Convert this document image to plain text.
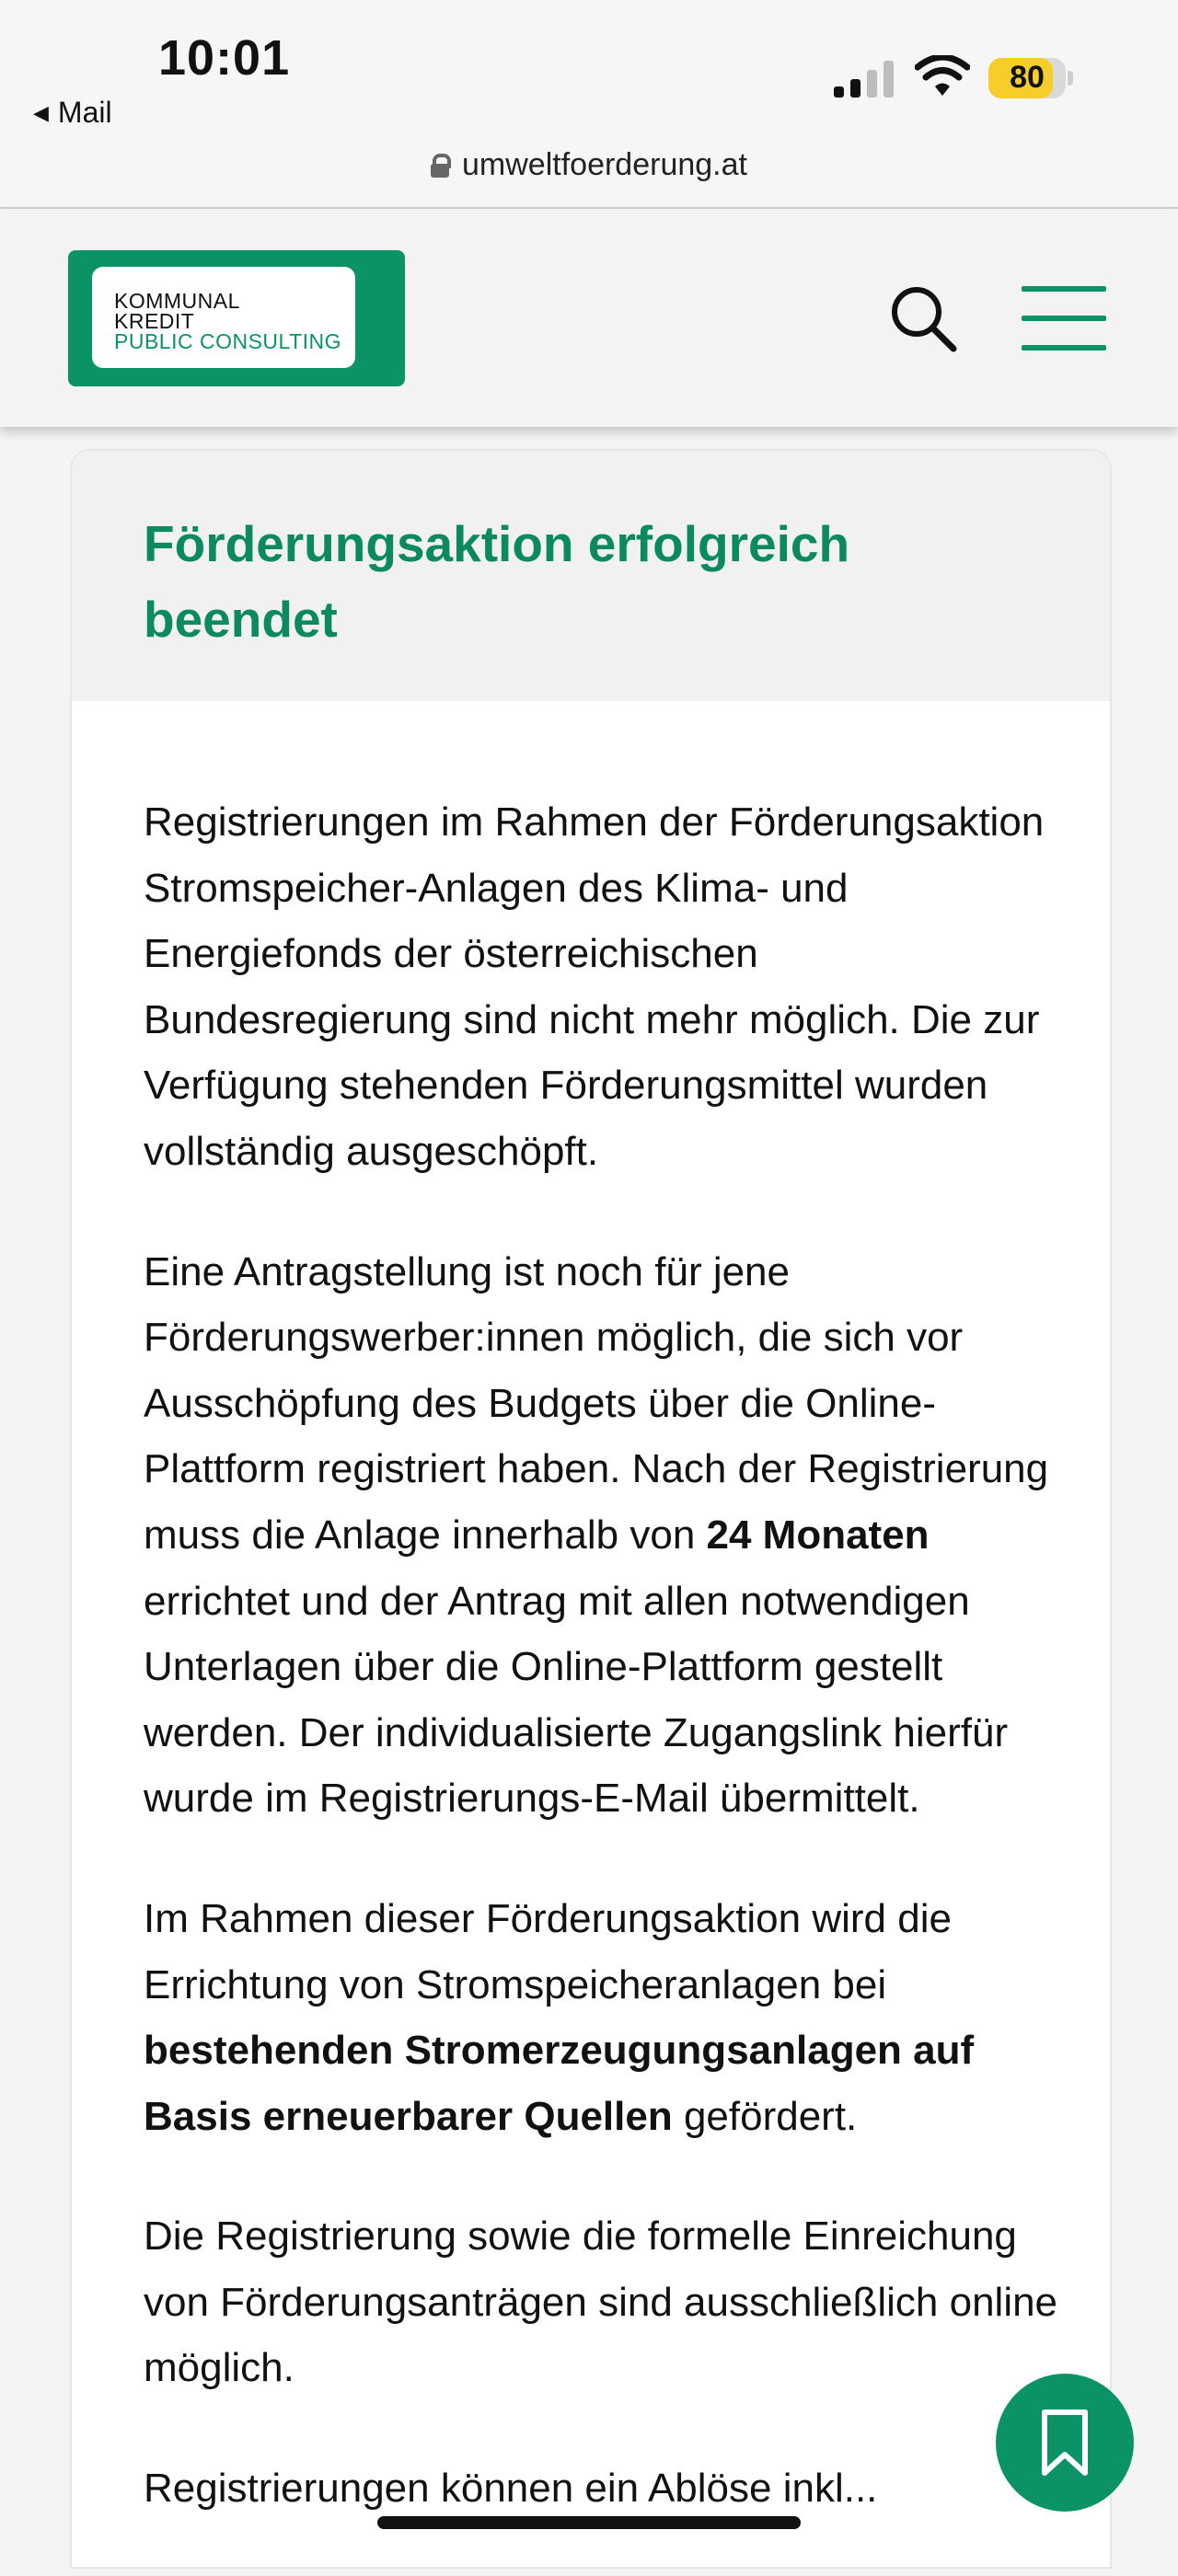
10:01
◀ Mail
80
umweltfoerderung.at
KOMMUNAL
KREDIT
PUBLIC CONSULTING
Förderungsaktion erfolgreich beendet

Registrierungen im Rahmen der Förderungsaktion Stromspeicher-Anlagen des Klima- und Energiefonds der österreichischen Bundesregierung sind nicht mehr möglich. Die zur Verfügung stehenden Förderungsmittel wurden vollständig ausgeschöpft.

Eine Antragstellung ist noch für jene Förderungswerber:innen möglich, die sich vor Ausschöpfung des Budgets über die Online-Plattform registriert haben. Nach der Registrierung muss die Anlage innerhalb von 24 Monaten errichtet und der Antrag mit allen notwendigen Unterlagen über die Online-Plattform gestellt werden. Der individualisierte Zugangslink hierfür wurde im Registrierungs-E-Mail übermittelt.

Im Rahmen dieser Förderungsaktion wird die Errichtung von Stromspeicheranlagen bei bestehenden Stromerzeugungsanlagen auf Basis erneuerbarer Quellen gefördert.

Die Registrierung sowie die formelle Einreichung von Förderungsanträgen sind ausschließlich online möglich.

Registrierungen können ein Ablöse inkl...
